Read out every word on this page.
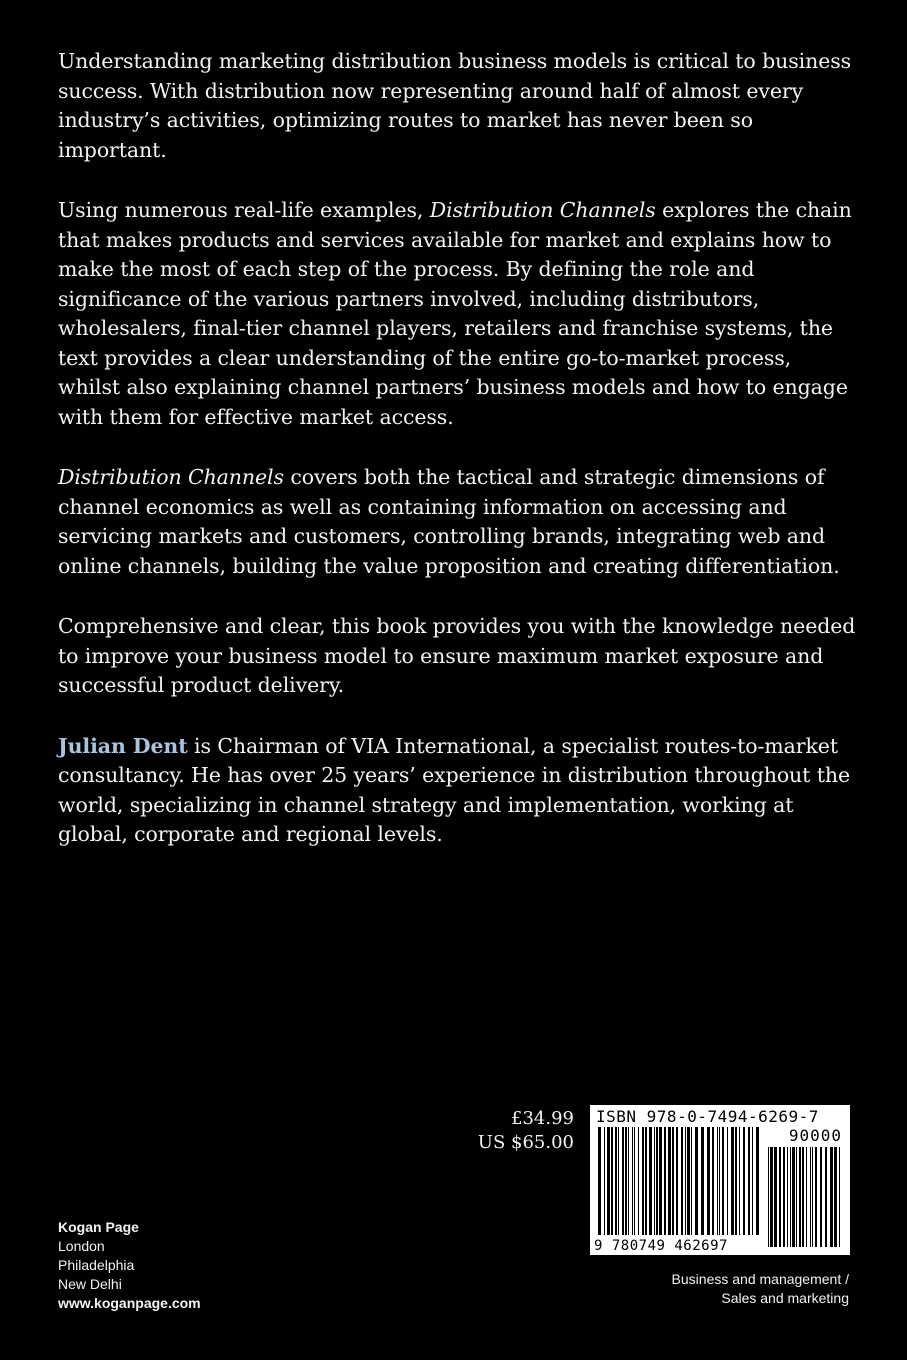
Understanding marketing distribution business models is critical to business success. With distribution now representing around half of almost every industry’s activities, optimizing routes to market has never been so important.

Using numerous real-life examples, Distribution Channels explores the chain that makes products and services available for market and explains how to make the most of each step of the process. By defining the role and significance of the various partners involved, including distributors, wholesalers, final-tier channel players, retailers and franchise systems, the text provides a clear understanding of the entire go-to-market process, whilst also explaining channel partners’ business models and how to engage with them for effective market access.

Distribution Channels covers both the tactical and strategic dimensions of channel economics as well as containing information on accessing and servicing markets and customers, controlling brands, integrating web and online channels, building the value proposition and creating differentiation.

Comprehensive and clear, this book provides you with the knowledge needed to improve your business model to ensure maximum market exposure and successful product delivery.

Julian Dent is Chairman of VIA International, a specialist routes-to-market consultancy. He has over 25 years’ experience in distribution throughout the world, specializing in channel strategy and implementation, working at global, corporate and regional levels.

£34.99
US $65.00
ISBN 978-0-7494-6269-7
90000
9 780749 462697
Kogan Page
London
Philadelphia
New Delhi
www.koganpage.com
Business and management /
Sales and marketing
